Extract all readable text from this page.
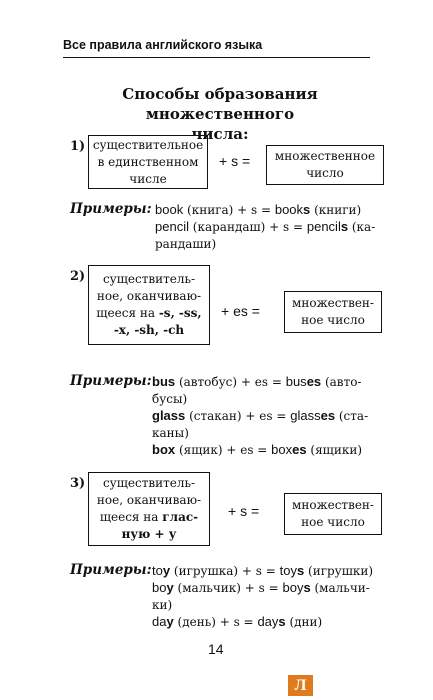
Все правила английского языка
Способы образования множественного
числа:
1) существительное
в единственном
числе
+ s = множественное
число
Примеры: book (книга) + s = books (книги)
pencil (карандаш) + s = pencils (ка-
рандаши)
2)	существитель-
ное, оканчиваю-
щееся на -s, -ss,
-x, -sh, -ch
+ es =	множествен-
ное число
Примеры: bus (автобус) + es = buses (авто-
бусы)
glass (стакан) + es = glasses (ста-
каны)
box (ящик) + es = boxes (ящики)
3)	существитель-
ное, оканчиваю-
щееся на глас-
ную + у
+ s =	множествен-
ное число
Примеры: toy (игрушка) + s = toys (игрушки)
boy (мальчик) + s = boys (мальчи-
ки)
day (день) + s = days (дни)
14
Л
